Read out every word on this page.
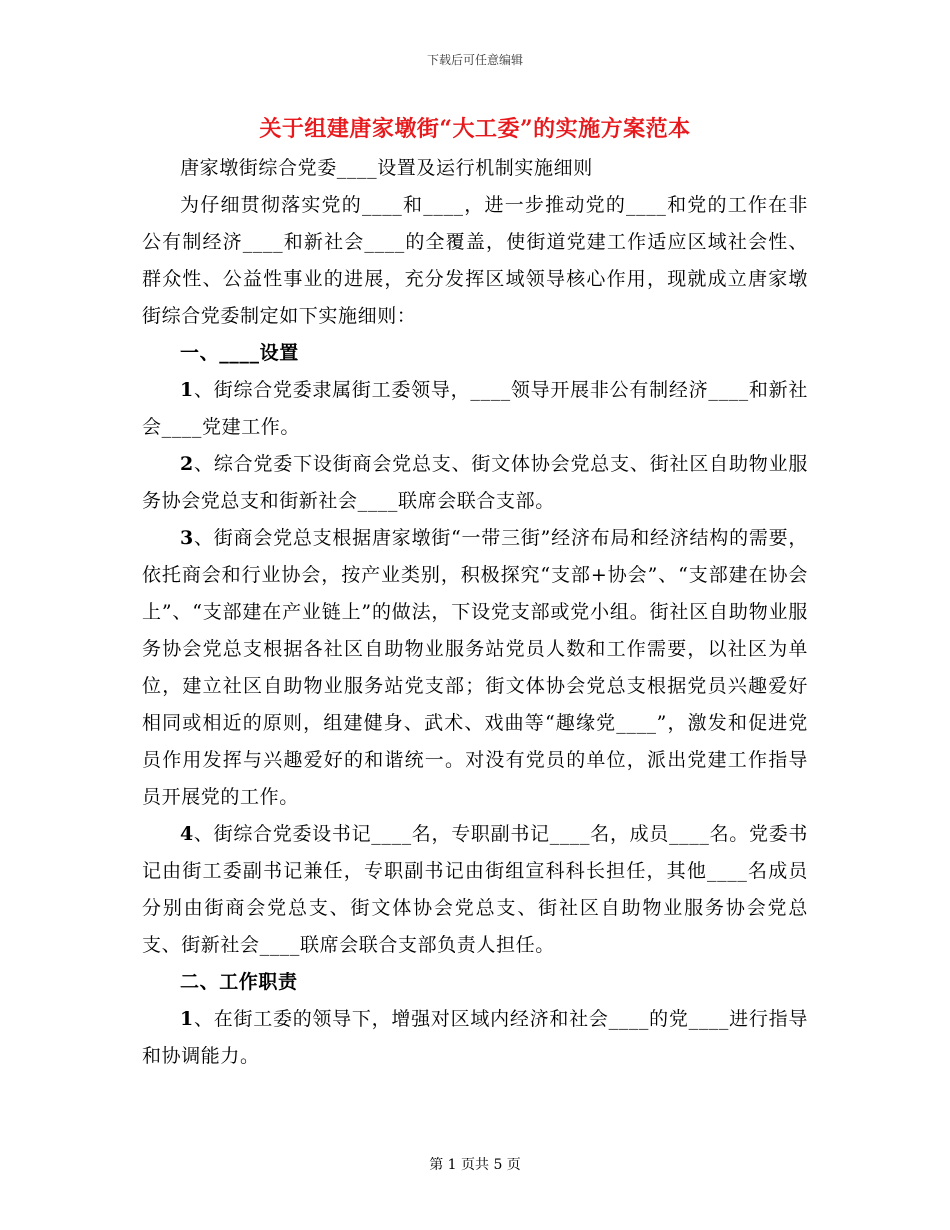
下载后可任意编辑
关于组建唐家墩街“大工委”的实施方案范本

唐家墩街综合党委____设置及运行机制实施细则

为仔细贯彻落实党的____和____，进一步推动党的____和党的工作在非公有制经济____和新社会____的全覆盖，使街道党建工作适应区域社会性、群众性、公益性事业的进展，充分发挥区域领导核心作用，现就成立唐家墩街综合党委制定如下实施细则：

一、____设置

1、街综合党委隶属街工委领导，____领导开展非公有制经济____和新社会____党建工作。

2、综合党委下设街商会党总支、街文体协会党总支、街社区自助物业服务协会党总支和街新社会____联席会联合支部。

3、街商会党总支根据唐家墩街“一带三街”经济布局和经济结构的需要，依托商会和行业协会，按产业类别，积极探究“支部+协会”、“支部建在协会上”、“支部建在产业链上”的做法，下设党支部或党小组。街社区自助物业服务协会党总支根据各社区自助物业服务站党员人数和工作需要，以社区为单位，建立社区自助物业服务站党支部；街文体协会党总支根据党员兴趣爱好相同或相近的原则，组建健身、武术、戏曲等“趣缘党____”，激发和促进党员作用发挥与兴趣爱好的和谐统一。对没有党员的单位，派出党建工作指导员开展党的工作。

4、街综合党委设书记____名，专职副书记____名，成员____名。党委书记由街工委副书记兼任，专职副书记由街组宣科科长担任，其他____名成员分别由街商会党总支、街文体协会党总支、街社区自助物业服务协会党总支、街新社会____联席会联合支部负责人担任。

二、工作职责

1、在街工委的领导下，增强对区域内经济和社会____的党____进行指导和协调能力。

第 1 页共 5 页
